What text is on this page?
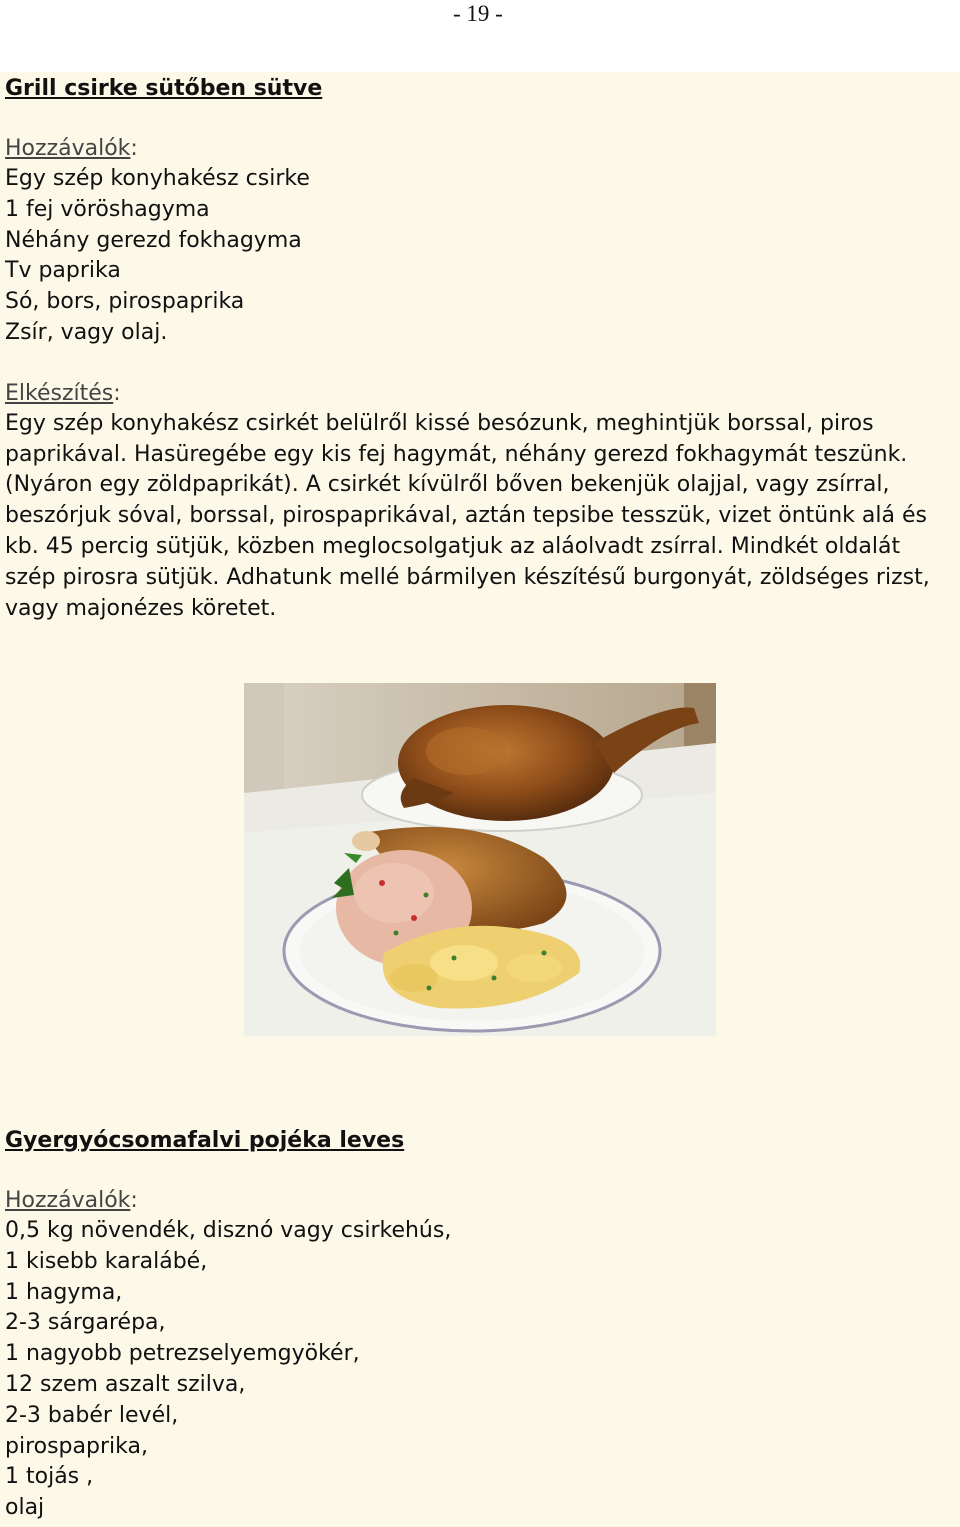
- 19 -
Grill csirke sütőben sütve

Hozzávalók:

Egy szép konyhakész csirke
1 fej vöröshagyma
Néhány gerezd fokhagyma
Tv paprika
Só, bors, pirospaprika
Zsír, vagy olaj.

Elkészítés:

Egy szép konyhakész csirkét belülről kissé besózunk, meghintjük borssal, piros paprikával. Hasüregébe egy kis fej hagymát, néhány gerezd fokhagymát teszünk. (Nyáron egy zöldpaprikát). A csirkét kívülről bőven bekenjük olajjal, vagy zsírral, beszórjuk sóval, borssal, pirospaprikával, aztán tepsibe tesszük, vizet öntünk alá és kb. 45 percig sütjük, közben meglocsolgatjuk az aláolvadt zsírral. Mindkét oldalát szép pirosra sütjük. Adhatunk mellé bármilyen készítésű burgonyát, zöldséges rizst, vagy majonézes köretet.

Gyergyócsomafalvi pojéka leves

Hozzávalók:

0,5 kg növendék, disznó vagy csirkehús,
1 kisebb karalábé,
1 hagyma,
2-3 sárgarépa,
1 nagyobb petrezselyemgyökér,
12 szem aszalt szilva,
2-3 babér levél,
pirospaprika,
1 tojás ,
olaj
